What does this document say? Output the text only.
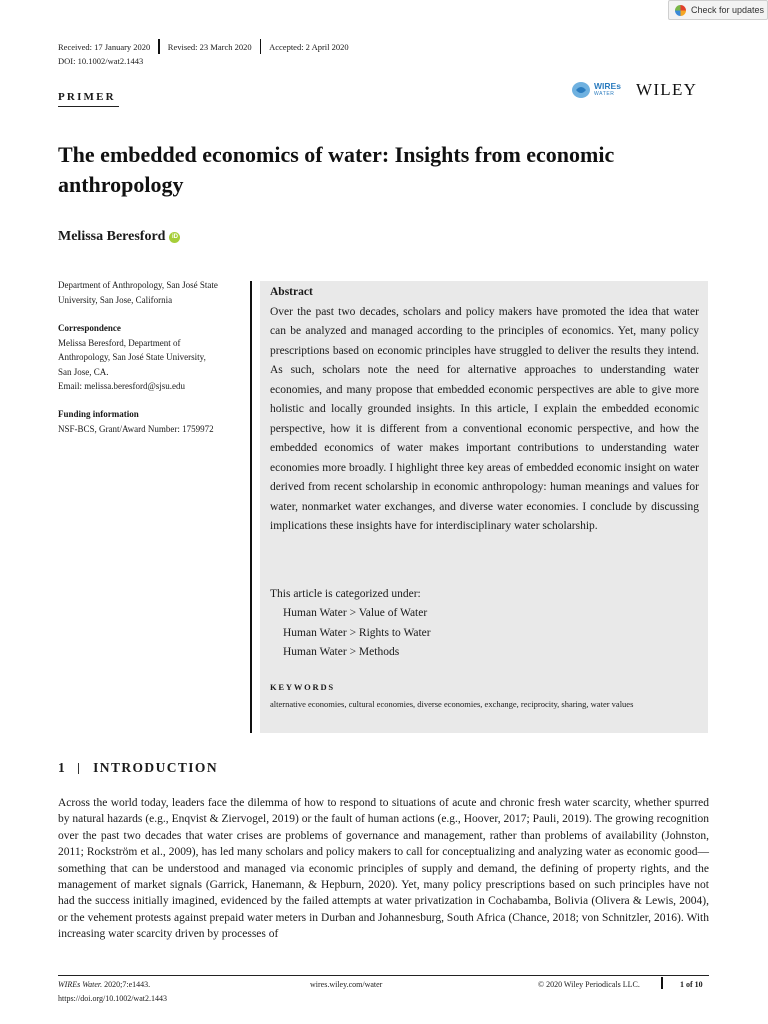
Check for updates
Received: 17 January 2020 Revised: 23 March 2020 Accepted: 2 April 2020
DOI: 10.1002/wat2.1443
PRIMER
WIREs
WATER	WILEY
The embedded economics of water: Insights from economic anthropology
Melissa Beresford	iD
Department of Anthropology, San José State University, San Jose, California
Correspondence
Melissa Beresford, Department of
Anthropology, San José State University,
San Jose, CA.
Email: melissa.beresford@sjsu.edu
Funding information
NSF-BCS, Grant/Award Number: 1759972
Abstract
Over the past two decades, scholars and policy makers have promoted the idea that water can be analyzed and managed according to the principles of economics. Yet, many policy prescriptions based on economic principles have struggled to deliver the results they intend. As such, scholars note the need for alternative approaches to understanding water economies, and many propose that embedded economic perspectives are able to give more holistic and locally grounded insights. In this article, I explain the embedded economic perspective, how it is different from a conventional economic perspective, and how the embedded economics of water makes important contributions to understanding water economies more broadly. I highlight three key areas of embedded economic insight on water derived from recent scholarship in economic anthropology: human meanings and values for water, nonmarket water exchanges, and diverse water economies. I conclude by discussing implications these insights have for interdisciplinary water scholarship.
This article is categorized under:
Human Water > Value of Water
Human Water > Rights to Water
Human Water > Methods
KEYWORDS
alternative economies, cultural economies, diverse economies, exchange, reciprocity, sharing, water values
1 INTRODUCTION
Across the world today, leaders face the dilemma of how to respond to situations of acute and chronic fresh water scarcity, whether spurred by natural hazards (e.g., Enqvist & Ziervogel, 2019) or the fault of human actions (e.g., Hoover, 2017; Pauli, 2019). The growing recognition over the past two decades that water crises are problems of governance and management, rather than problems of availability (Johnston, 2011; Rockström et al., 2009), has led many scholars and policy makers to call for conceptualizing and analyzing water as economic good—something that can be understood and managed via economic principles of supply and demand, the defining of property rights, and the management of market signals (Garrick, Hanemann, & Hepburn, 2020). Yet, many policy prescriptions based on such principles have not had the success initially imagined, evidenced by the failed attempts at water privatization in Cochabamba, Bolivia (Olivera & Lewis, 2004), or the vehement protests against prepaid water meters in Durban and Johannesburg, South Africa (Chance, 2018; von Schnitzler, 2016). With increasing water scarcity driven by processes of
WIREs Water. 2020;7:e1443.
https://doi.org/10.1002/wat2.1443
wires.wiley.com/water	© 2020 Wiley Periodicals LLC.	1 of 10
